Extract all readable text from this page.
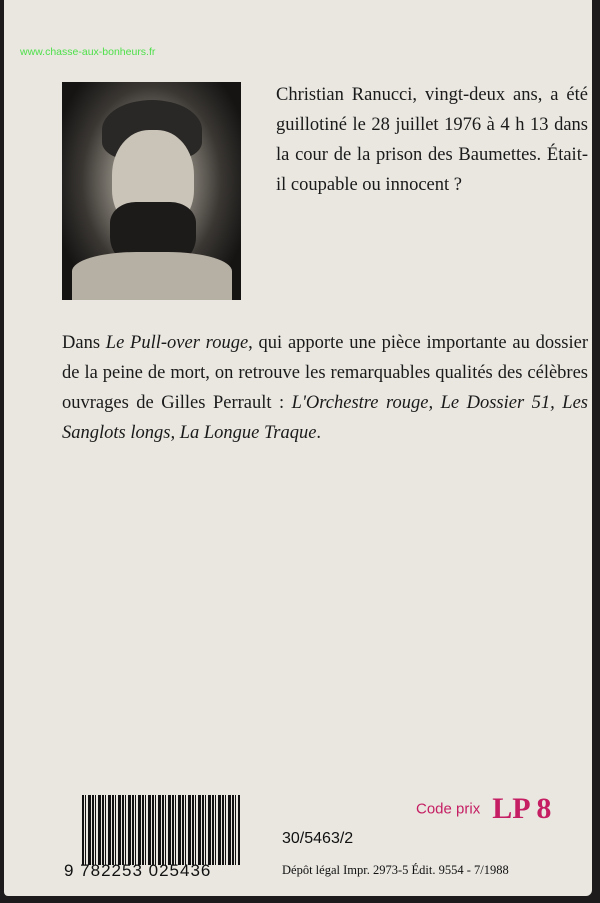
www.chasse-aux-bonheurs.fr
Christian Ranucci, vingt-deux ans, a été guillotiné le 28 juillet 1976 à 4 h 13 dans la cour de la prison des Baumettes. Était-il coupable ou innocent ?
Dans Le Pull-over rouge, qui apporte une pièce importante au dossier de la peine de mort, on retrouve les remarquables qualités des célèbres ouvrages de Gilles Perrault : L'Orchestre rouge, Le Dossier 51, Les Sanglots longs, La Longue Traque.
9 782253 025436
Code prix LP 8
30/5463/2
Dépôt légal Impr. 2973-5 Édit. 9554 - 7/1988
